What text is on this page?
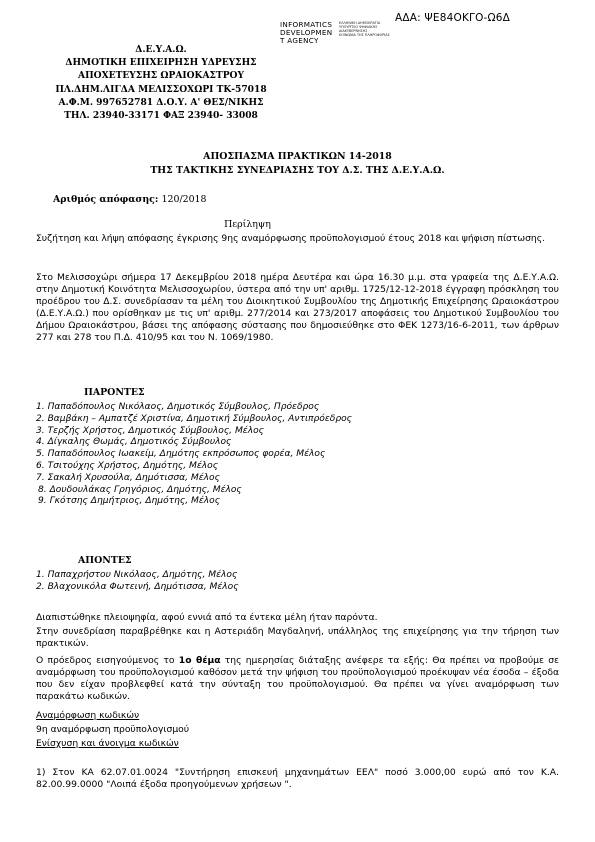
ΑΔΑ: ΨΕ84ΟΚΓΟ-Ω6Δ
INFORMATICS
DEVELOPMEN
T AGENCY
ΕΛΛΗΝΙΚΗ ΔΗΜΟΚΡΑΤΙΑ
ΥΠΟΥΡΓΕΙΟ ΨΗΦΙΑΚΗΣ
ΔΙΑΚΥΒΕΡΝΗΣΗΣ
ΚΟΙΝΩΝΙΑ ΤΗΣ ΠΛΗΡΟΦΟΡΙΑΣ
Δ.Ε.Υ.Α.Ω.
ΔΗΜΟΤΙΚΗ ΕΠΙΧΕΙΡΗΣΗ ΥΔΡΕΥΣΗΣ
ΑΠΟΧΕΤΕΥΣΗΣ ΩΡΑΙΟΚΑΣΤΡΟΥ
ΠΛ.ΔΗΜ.ΛΙΓΔΑ ΜΕΛΙΣΣΟΧΩΡΙ ΤΚ-57018
Α.Φ.Μ. 997652781 Δ.Ο.Υ. Α' ΘΕΣ/ΝΙΚΗΣ
ΤΗΛ. 23940-33171 ΦΑΞ 23940- 33008
ΑΠΟΣΠΑΣΜΑ ΠΡΑΚΤΙΚΩΝ 14-2018
ΤΗΣ ΤΑΚΤΙΚΗΣ ΣΥΝΕΔΡΙΑΣΗΣ ΤΟΥ Δ.Σ. ΤΗΣ Δ.Ε.Υ.Α.Ω.
Αριθμός απόφασης: 120/2018
Περίληψη
Συζήτηση και λήψη απόφασης έγκρισης 9ης αναμόρφωσης προϋπολογισμού έτους 2018 και ψήφιση πίστωσης.
Στο Μελισσοχώρι σήμερα 17 Δεκεμβρίου 2018 ημέρα Δευτέρα και ώρα 16.30 μ.μ. στα γραφεία της Δ.Ε.Υ.Α.Ω. στην Δημοτική Κοινότητα Μελισσοχωρίου, ύστερα από την υπ' αριθμ. 1725/12-12-2018 έγγραφη πρόσκληση του προέδρου του Δ.Σ. συνεδρίασαν τα μέλη του Διοικητικού Συμβουλίου της Δημοτικής Επιχείρησης Ωραιοκάστρου (Δ.Ε.Υ.Α.Ω.) που ορίσθηκαν με τις υπ' αριθμ. 277/2014 και 273/2017 αποφάσεις του Δημοτικού Συμβουλίου του Δήμου Ωραιοκάστρου, βάσει της απόφασης σύστασης που δημοσιεύθηκε στο ΦΕΚ 1273/16-6-2011, των άρθρων 277 και 278 του Π.Δ. 410/95 και του Ν. 1069/1980.
ΠΑΡΟΝΤΕΣ
1. Παπαδόπουλος Νικόλαος, Δημοτικός Σύμβουλος, Πρόεδρος
2. Βαμβάκη – Αμπατζέ Χριστίνα, Δημοτική Σύμβουλος, Αντιπρόεδρος
3. Τερζής Χρήστος, Δημοτικός Σύμβουλος, Μέλος
4. Δίγκαλης Θωμάς, Δημοτικός Σύμβουλος
5. Παπαδόπουλος Ιωακείμ, Δημότης εκπρόσωπος φορέα, Μέλος
6. Τσιτούχης Χρήστος, Δημότης, Μέλος
7. Σακαλή Χρυσούλα, Δημότισσα, Μέλος
8. Δουδουλάκας Γρηγόριος, Δημότης, Μέλος
9. Γκότσης Δημήτριος, Δημότης, Μέλος
ΑΠΟΝΤΕΣ
1. Παπαχρήστου Νικόλαος, Δημότης, Μέλος
2. Βλαχονικόλα Φωτεινή, Δημότισσα, Μέλος
Διαπιστώθηκε πλειοψηφία, αφού εννιά από τα έντεκα μέλη ήταν παρόντα.
Στην συνεδρίαση παραβρέθηκε και η Αστεριάδη Μαγδαληνή, υπάλληλος της επιχείρησης για την τήρηση των πρακτικών.
Ο πρόεδρος εισηγούμενος το 1ο θέμα της ημερησίας διάταξης ανέφερε τα εξής: Θα πρέπει να προβούμε σε αναμόρφωση του προϋπολογισμού καθόσον μετά την ψήφιση του προϋπολογισμού προέκυψαν νέα έσοδα – έξοδα που δεν είχαν προβλεφθεί κατά την σύνταξη του προϋπολογισμού. Θα πρέπει να γίνει αναμόρφωση των παρακάτω κωδικών.
Αναμόρφωση κωδικών
9η αναμόρφωση προϋπολογισμού
Ενίσχυση και άνοιγμα κωδικών
1) Στον ΚΑ 62.07.01.0024 "Συντήρηση επισκευή μηχανημάτων ΕΕΛ" ποσό 3.000,00 ευρώ από τον Κ.Α. 82.00.99.0000 "Λοιπά έξοδα προηγούμενων χρήσεων ".
